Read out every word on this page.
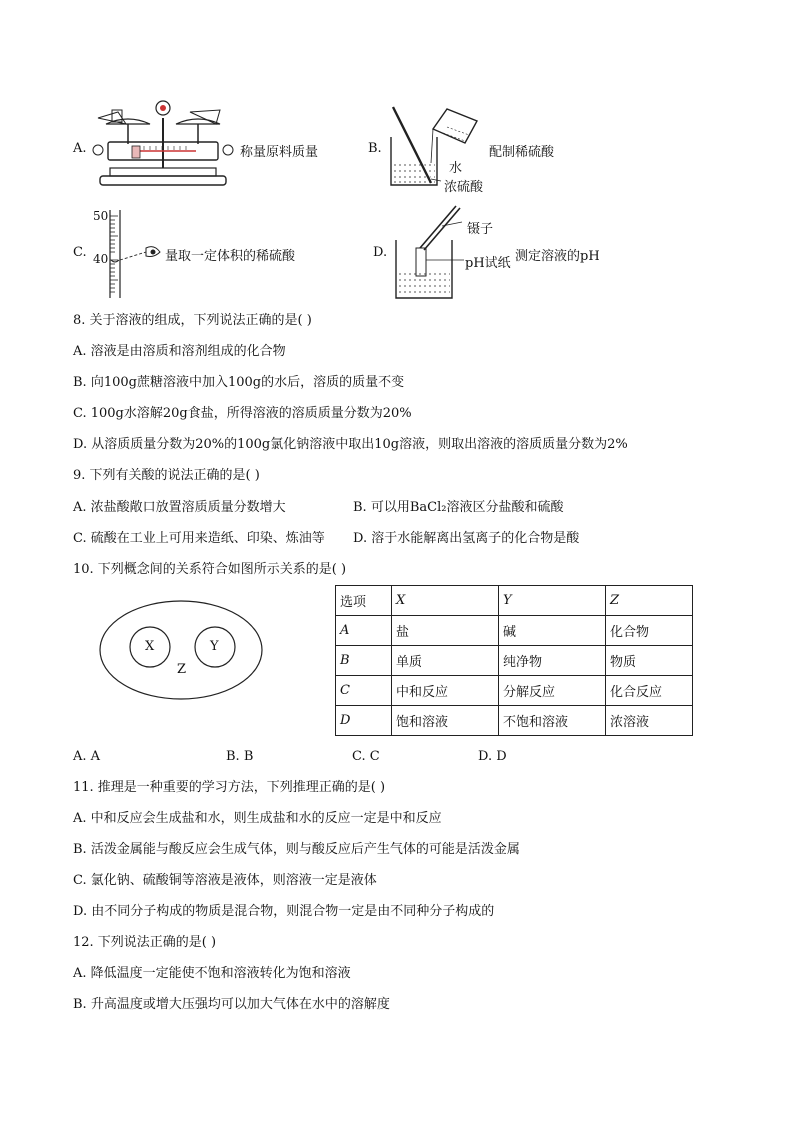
A.	称量原料质量	B.
水
浓硫酸
配制稀硫酸
C.
50
40	量取一定体积的稀硫酸	D.
镊子
pH试纸 测定溶液的pH
8. 关于溶液的组成，下列说法正确的是( )
A. 溶液是由溶质和溶剂组成的化合物
B. 向100g蔗糖溶液中加入100g的水后，溶质的质量不变
C. 100g水溶解20g食盐，所得溶液的溶质质量分数为20%
D. 从溶质质量分数为20%的100g氯化钠溶液中取出10g溶液，则取出溶液的溶质质量分数为2%
9. 下列有关酸的说法正确的是( )
A. 浓盐酸敞口放置溶质质量分数增大	B. 可以用BaCl₂溶液区分盐酸和硫酸
C. 硫酸在工业上可用来造纸、印染、炼油等 D. 溶于水能解离出氢离子的化合物是酸
10. 下列概念间的关系符合如图所示关系的是( )
X	Y
Z
选项	X	Y	Z
A	盐	碱	化合物
B	单质	纯净物	物质
C	中和反应	分解反应	化合反应
D	饱和溶液	不饱和溶液	浓溶液
A. A	B. B	C. C	D. D
11. 推理是一种重要的学习方法，下列推理正确的是( )
A. 中和反应会生成盐和水，则生成盐和水的反应一定是中和反应
B. 活泼金属能与酸反应会生成气体，则与酸反应后产生气体的可能是活泼金属
C. 氯化钠、硫酸铜等溶液是液体，则溶液一定是液体
D. 由不同分子构成的物质是混合物，则混合物一定是由不同种分子构成的
12. 下列说法正确的是( )
A. 降低温度一定能使不饱和溶液转化为饱和溶液
B. 升高温度或增大压强均可以加大气体在水中的溶解度
